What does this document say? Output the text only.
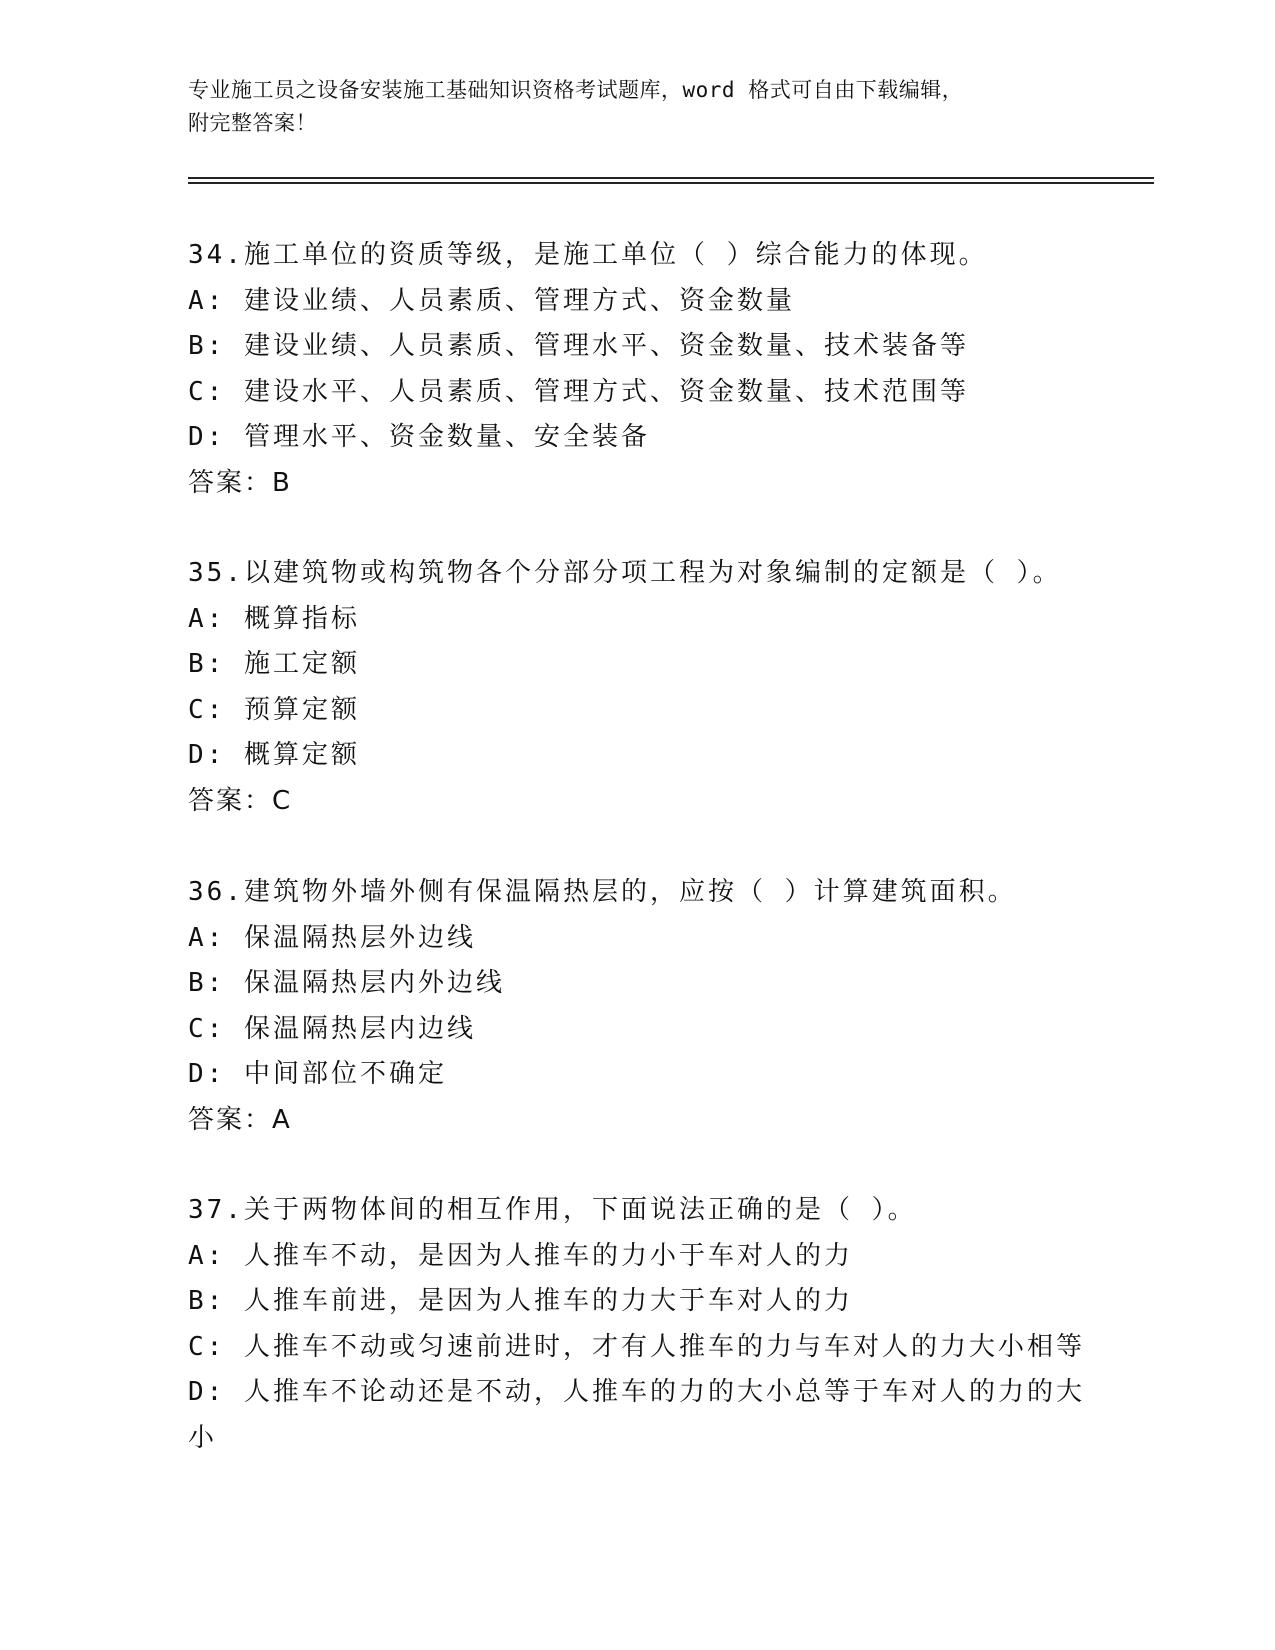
专业施工员之设备安装施工基础知识资格考试题库，word 格式可自由下载编辑，
附完整答案！
34.施工单位的资质等级，是施工单位（ ）综合能力的体现。
A: 建设业绩、人员素质、管理方式、资金数量
B: 建设业绩、人员素质、管理水平、资金数量、技术装备等
C: 建设水平、人员素质、管理方式、资金数量、技术范围等
D: 管理水平、资金数量、安全装备
答案：B
35.以建筑物或构筑物各个分部分项工程为对象编制的定额是（ ）。
A: 概算指标
B: 施工定额
C: 预算定额
D: 概算定额
答案：C
36.建筑物外墙外侧有保温隔热层的，应按（ ）计算建筑面积。
A: 保温隔热层外边线
B: 保温隔热层内外边线
C: 保温隔热层内边线
D: 中间部位不确定
答案：A
37.关于两物体间的相互作用，下面说法正确的是（ ）。
A: 人推车不动，是因为人推车的力小于车对人的力
B: 人推车前进，是因为人推车的力大于车对人的力
C: 人推车不动或匀速前进时，才有人推车的力与车对人的力大小相等
D: 人推车不论动还是不动，人推车的力的大小总等于车对人的力的大小
